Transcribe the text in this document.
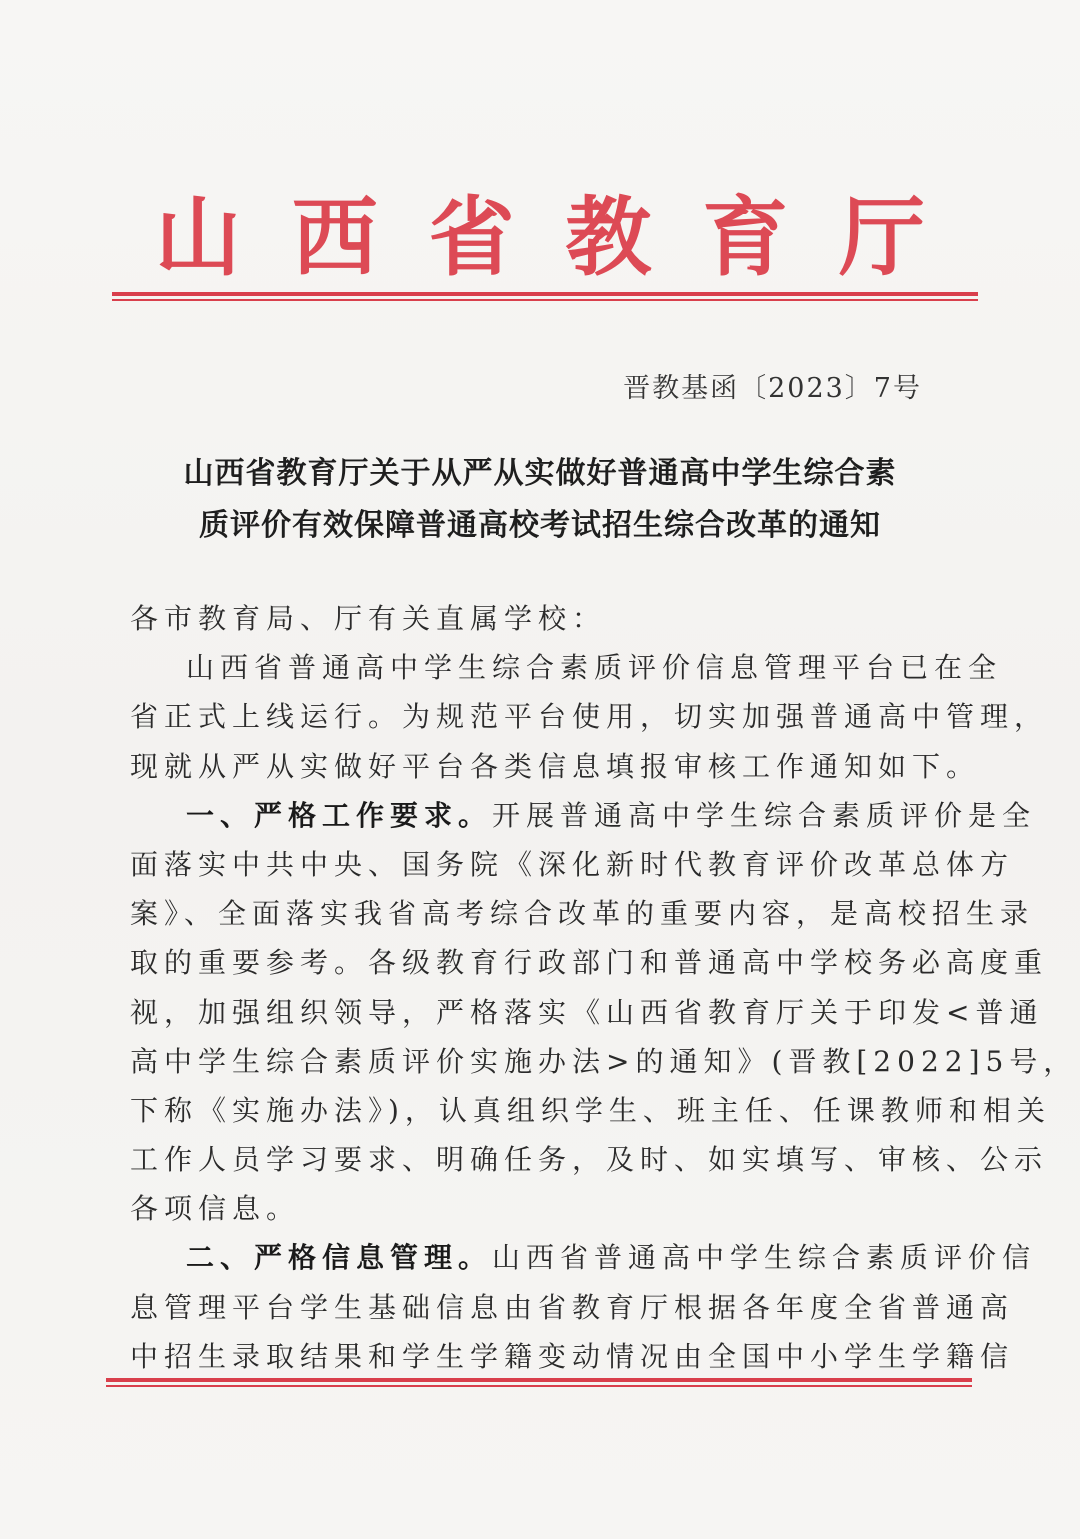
山 西 省 教 育 厅
晋教基函〔2023〕7号
山西省教育厅关于从严从实做好普通高中学生综合素
质评价有效保障普通高校考试招生综合改革的通知
各市教育局、厅有关直属学校：
山西省普通高中学生综合素质评价信息管理平台已在全
省正式上线运行。为规范平台使用，切实加强普通高中管理，
现就从严从实做好平台各类信息填报审核工作通知如下。
一、严格工作要求。开展普通高中学生综合素质评价是全
面落实中共中央、国务院《深化新时代教育评价改革总体方
案》、全面落实我省高考综合改革的重要内容，是高校招生录
取的重要参考。各级教育行政部门和普通高中学校务必高度重
视，加强组织领导，严格落实《山西省教育厅关于印发<普通
高中学生综合素质评价实施办法>的通知》(晋教[2022]5号，
下称《实施办法》)，认真组织学生、班主任、任课教师和相关
工作人员学习要求、明确任务，及时、如实填写、审核、公示
各项信息。
二、严格信息管理。山西省普通高中学生综合素质评价信
息管理平台学生基础信息由省教育厅根据各年度全省普通高
中招生录取结果和学生学籍变动情况由全国中小学生学籍信
